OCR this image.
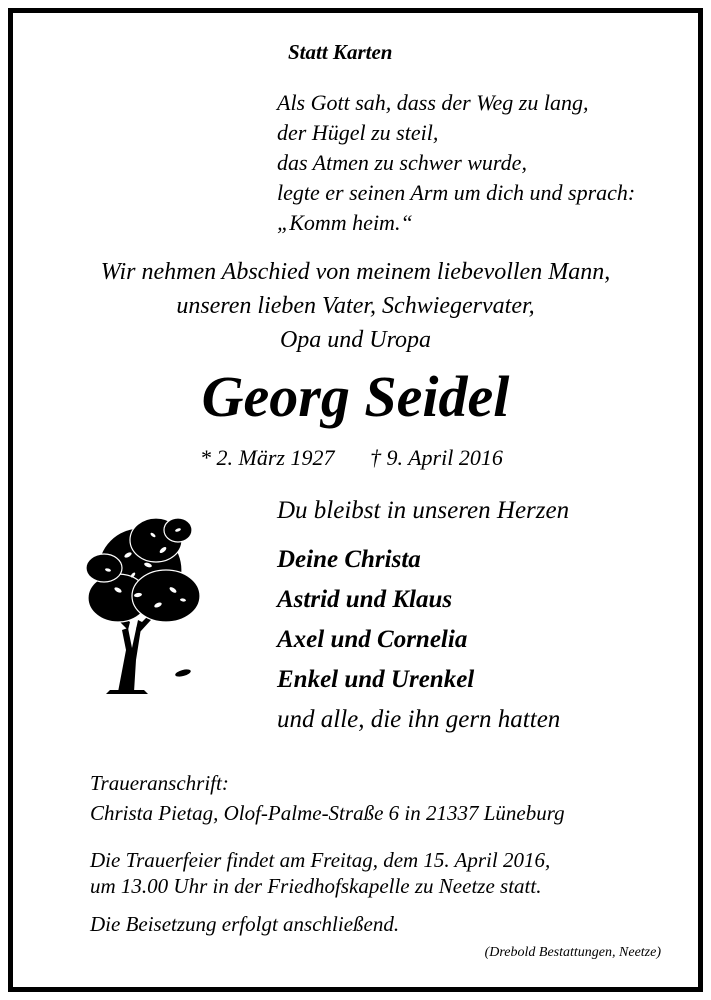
Statt Karten
Als Gott sah, dass der Weg zu lang,
der Hügel zu steil,
das Atmen zu schwer wurde,
legte er seinen Arm um dich und sprach:
„Komm heim.“
Wir nehmen Abschied von meinem liebevollen Mann,
unseren lieben Vater, Schwiegervater,
Opa und Uropa
Georg Seidel
* 2. März 1927 † 9. April 2016
Du bleibst in unseren Herzen
Deine Christa
Astrid und Klaus
Axel und Cornelia
Enkel und Urenkel
und alle, die ihn gern hatten
Traueranschrift:
Christa Pietag, Olof-Palme-Straße 6 in 21337 Lüneburg
Die Trauerfeier findet am Freitag, dem 15. April 2016,
um 13.00 Uhr in der Friedhofskapelle zu Neetze statt.
Die Beisetzung erfolgt anschließend.
(Drebold Bestattungen, Neetze)
